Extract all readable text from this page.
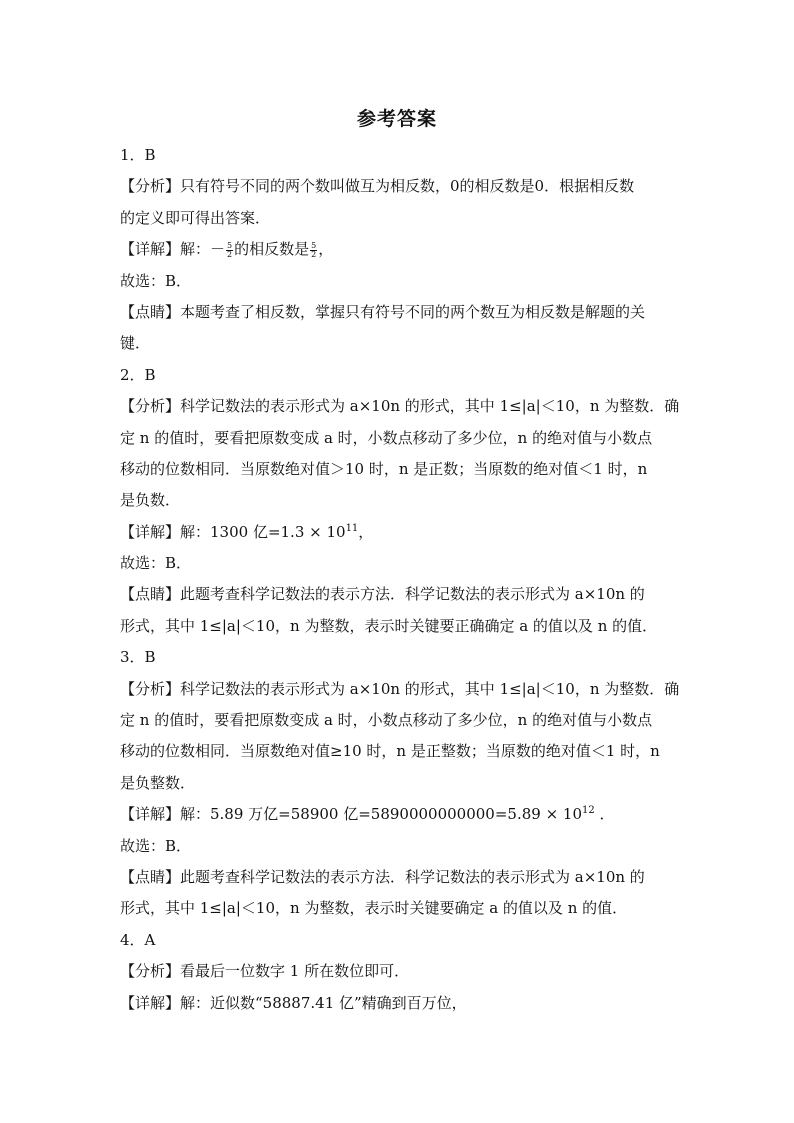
参考答案
1．B
【分析】只有符号不同的两个数叫做互为相反数，0的相反数是0．根据相反数
的定义即可得出答案．
【详解】解：－ $\frac{5}{2}$ 的相反数是 $\frac{5}{2}$ ，
故选：B．
【点睛】本题考查了相反数，掌握只有符号不同的两个数互为相反数是解题的关
键．
2．B
【分析】科学记数法的表示形式为 a×10n 的形式，其中 1≤|a|＜10，n 为整数．确
定 n 的值时，要看把原数变成 a 时，小数点移动了多少位，n 的绝对值与小数点
移动的位数相同．当原数绝对值＞10 时，n 是正数；当原数的绝对值＜1 时，n
是负数．
【详解】解：1300 亿$=1.3 \times 10^{11}$，
故选：B．
【点睛】此题考查科学记数法的表示方法．科学记数法的表示形式为 a×10n 的
形式，其中 1≤|a|＜10，n 为整数，表示时关键要正确确定 a 的值以及 n 的值．
3．B
【分析】科学记数法的表示形式为 a×10n 的形式，其中 1≤|a|＜10，n 为整数．确
定 n 的值时，要看把原数变成 a 时，小数点移动了多少位，n 的绝对值与小数点
移动的位数相同．当原数绝对值≥10 时，n 是正整数；当原数的绝对值＜1 时，n
是负整数．
【详解】解：5.89 万亿=58900 亿$=5890000000000=5.89 \times 10^{12}$ ．
故选：B．
【点睛】此题考查科学记数法的表示方法．科学记数法的表示形式为 a×10n 的
形式，其中 1≤|a|＜10，n 为整数，表示时关键要确定 a 的值以及 n 的值．
4．A
【分析】看最后一位数字 1 所在数位即可．
【详解】解：近似数“58887.41 亿”精确到百万位，
